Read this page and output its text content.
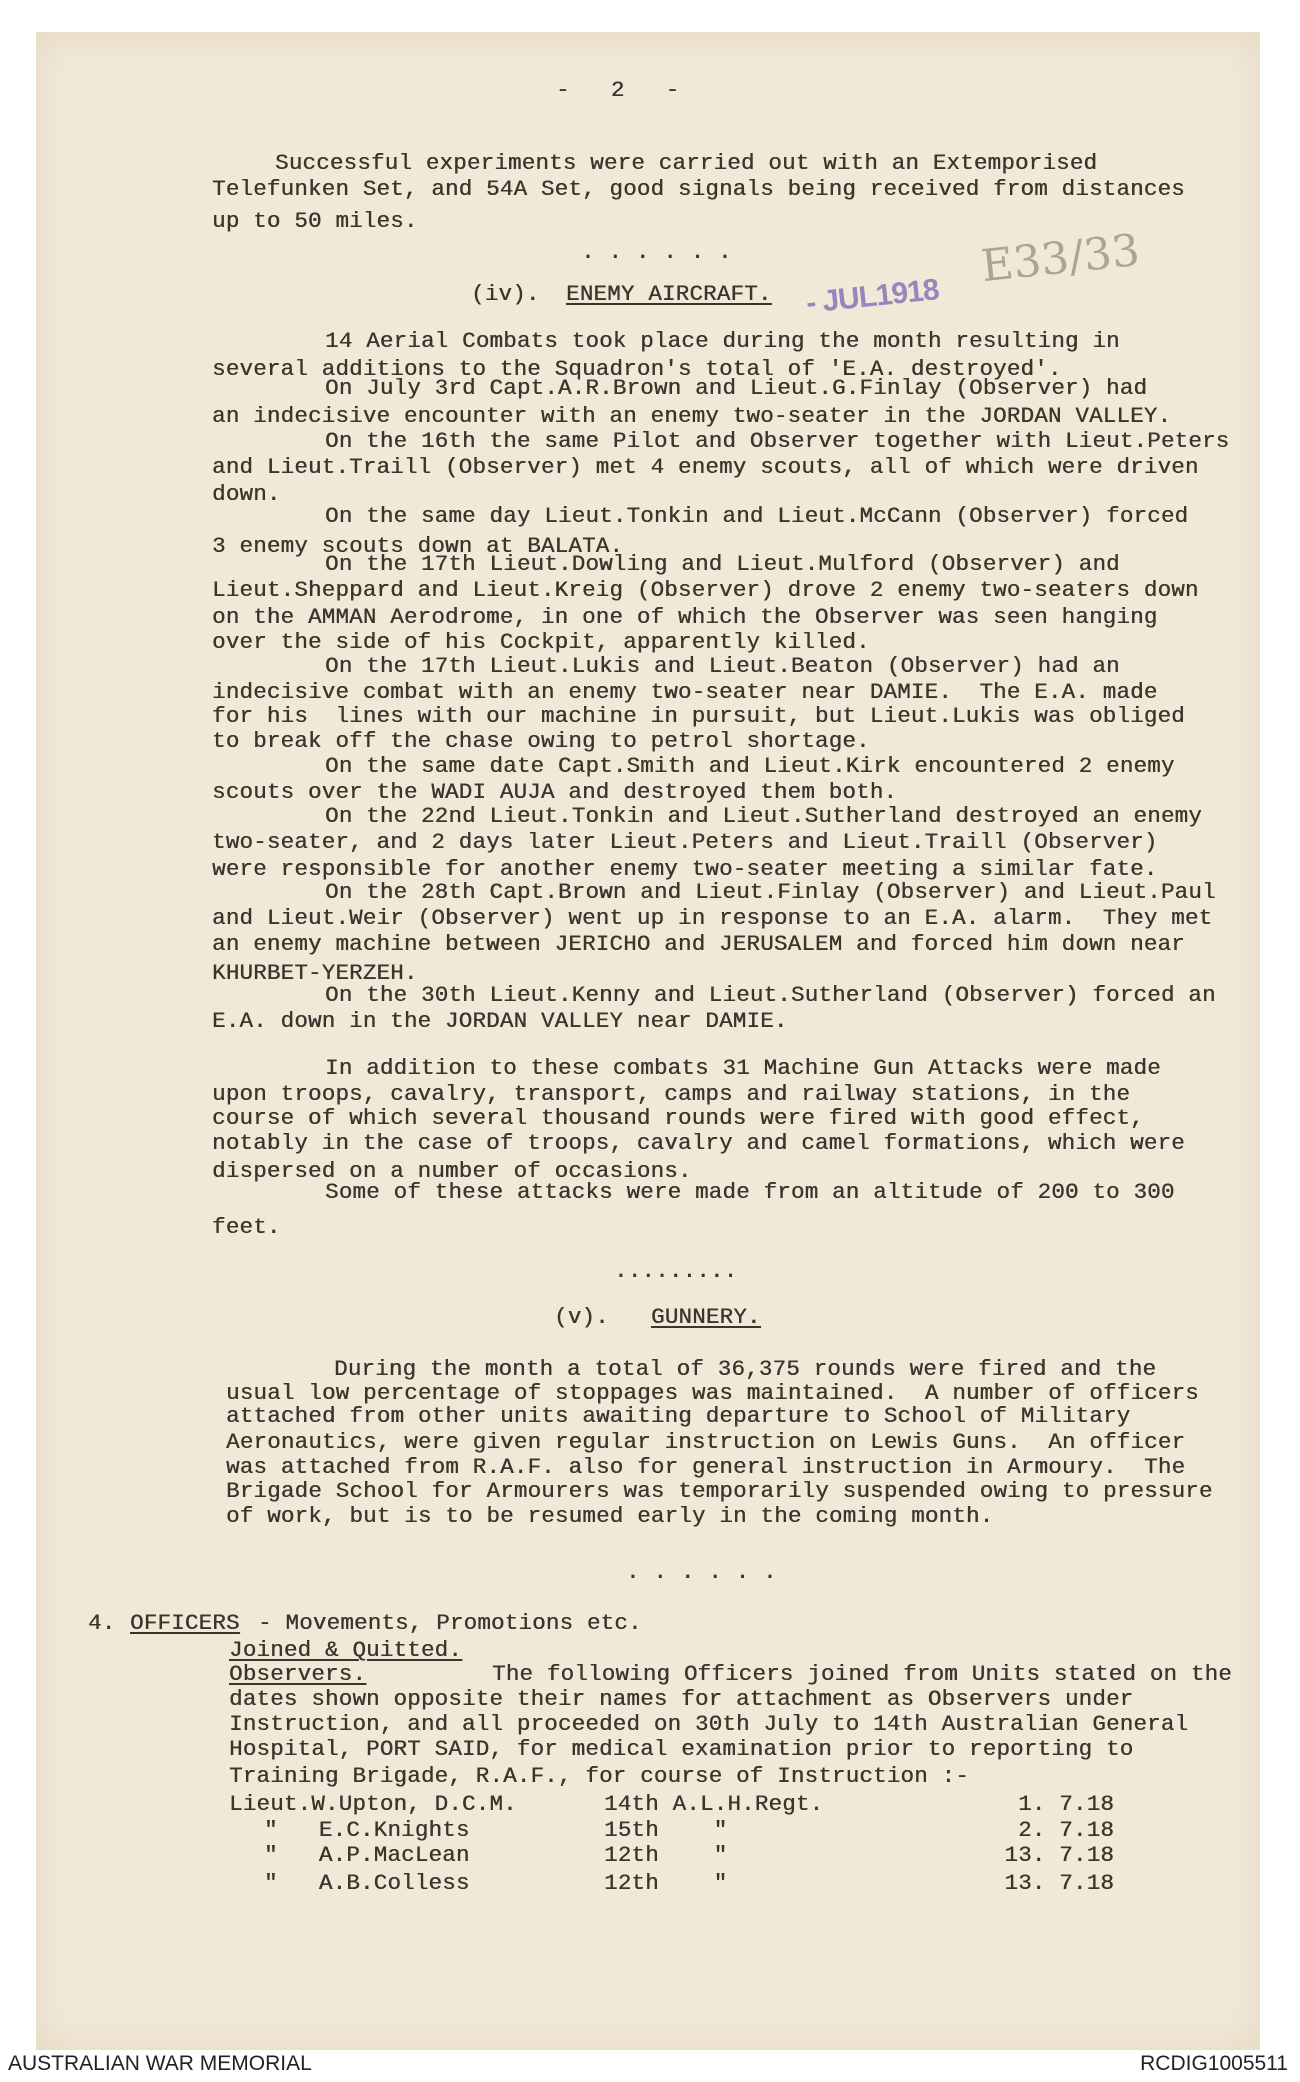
-   2   -
- JUL1918
E33/33
Successful experiments were carried out with an Extemporised
Telefunken Set, and 54A Set, good signals being received from distances
up to 50 miles.
. . . . . .
(iv). ENEMY AIRCRAFT.
14 Aerial Combats took place during the month resulting in
several additions to the Squadron's total of 'E.A. destroyed'.
On July 3rd Capt.A.R.Brown and Lieut.G.Finlay (Observer) had
an indecisive encounter with an enemy two-seater in the JORDAN VALLEY.
On the 16th the same Pilot and Observer together with Lieut.Peters
and Lieut.Traill (Observer) met 4 enemy scouts, all of which were driven
down.
On the same day Lieut.Tonkin and Lieut.McCann (Observer) forced
3 enemy scouts down at BALATA.
On the 17th Lieut.Dowling and Lieut.Mulford (Observer) and
Lieut.Sheppard and Lieut.Kreig (Observer) drove 2 enemy two-seaters down
on the AMMAN Aerodrome, in one of which the Observer was seen hanging
over the side of his Cockpit, apparently killed.
On the 17th Lieut.Lukis and Lieut.Beaton (Observer) had an
indecisive combat with an enemy two-seater near DAMIE.  The E.A. made
for his  lines with our machine in pursuit, but Lieut.Lukis was obliged
to break off the chase owing to petrol shortage.
On the same date Capt.Smith and Lieut.Kirk encountered 2 enemy
scouts over the WADI AUJA and destroyed them both.
On the 22nd Lieut.Tonkin and Lieut.Sutherland destroyed an enemy
two-seater, and 2 days later Lieut.Peters and Lieut.Traill (Observer)
were responsible for another enemy two-seater meeting a similar fate.
On the 28th Capt.Brown and Lieut.Finlay (Observer) and Lieut.Paul
and Lieut.Weir (Observer) went up in response to an E.A. alarm.  They met
an enemy machine between JERICHO and JERUSALEM and forced him down near
KHURBET-YERZEH.
On the 30th Lieut.Kenny and Lieut.Sutherland (Observer) forced an
E.A. down in the JORDAN VALLEY near DAMIE.
In addition to these combats 31 Machine Gun Attacks were made
upon troops, cavalry, transport, camps and railway stations, in the
course of which several thousand rounds were fired with good effect,
notably in the case of troops, cavalry and camel formations, which were
dispersed on a number of occasions.
Some of these attacks were made from an altitude of 200 to 300
feet.
.........
(v). GUNNERY.
During the month a total of 36,375 rounds were fired and the
usual low percentage of stoppages was maintained.  A number of officers
attached from other units awaiting departure to School of Military
Aeronautics, were given regular instruction on Lewis Guns.  An officer
was attached from R.A.F. also for general instruction in Armoury.  The
Brigade School for Armourers was temporarily suspended owing to pressure
of work, but is to be resumed early in the coming month.
. . . . . .
4. OFFICERS - Movements, Promotions etc.
Joined & Quitted.
Observers.	The following Officers joined from Units stated on the
dates shown opposite their names for attachment as Observers under
Instruction, and all proceeded on 30th July to 14th Australian General
Hospital, PORT SAID, for medical examination prior to reporting to
Training Brigade, R.A.F., for course of Instruction :-
Lieut.W.Upton, D.C.M.	14th A.L.H.Regt.	1. 7.18
"   E.C.Knights	15th    "	2. 7.18
"   A.P.MacLean	12th    "	13. 7.18
"   A.B.Colless	12th    "	13. 7.18
AUSTRALIAN WAR MEMORIAL	RCDIG1005511
